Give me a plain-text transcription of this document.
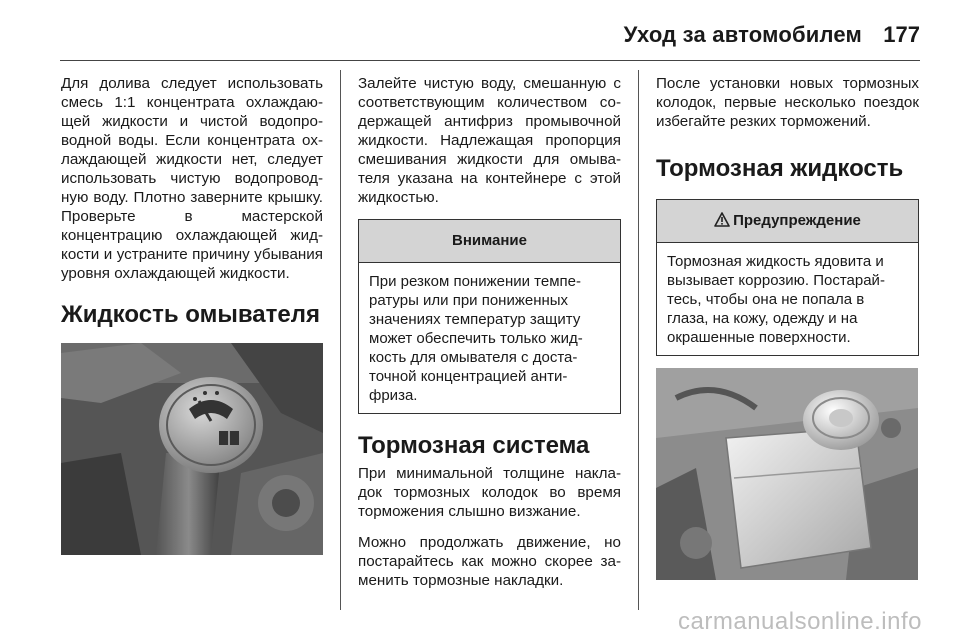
Уход за автомобилем 177

Для долива следует использовать смесь 1:1 концентрата охлаждающей жидкости и чистой водопроводной воды. Если концентрата охлаждающей жидкости нет, следует использовать чистую водопроводную воду. Плотно заверните крышку. Проверьте в мастерской концентрацию охлаждающей жидкости и устраните причину убывания уровня охлаждающей жидкости.

Жидкость омывателя

Залейте чистую воду, смешанную с соответствующим количеством содержащей антифриз промывочной жидкости. Надлежащая пропорция смешивания жидкости для омывателя указана на контейнере с этой жидкостью.

Внимание
При резком понижении температуры или при пониженных значениях температур защиту может обеспечить только жидкость для омывателя с достаточной концентрацией антифриза.
Тормозная система

При минимальной толщине накладок тормозных колодок во время торможения слышно визжание.

Можно продолжать движение, но постарайтесь как можно скорее заменить тормозные накладки.

После установки новых тормозных колодок, первые несколько поездок избегайте резких торможений.

Тормозная жидкость
Предупреждение
Тормозная жидкость ядовита и вызывает коррозию. Постарайтесь, чтобы она не попала в глаза, на кожу, одежду и на окрашенные поверхности.
carmanualsonline.info
